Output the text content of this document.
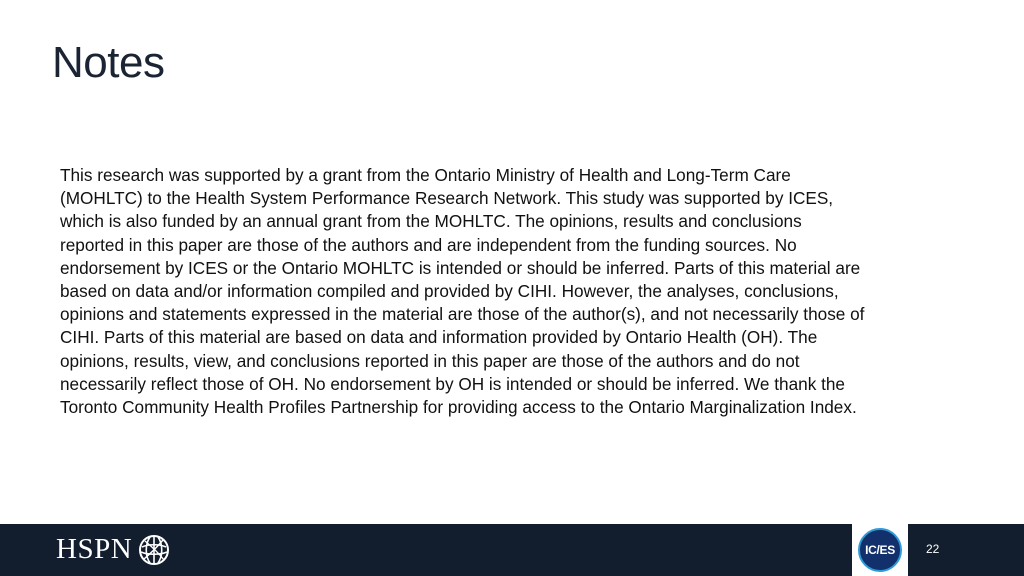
Notes
This research was supported by a grant from the Ontario Ministry of Health and Long-Term Care
(MOHLTC) to the Health System Performance Research Network. This study was supported by ICES,
which is also funded by an annual grant from the MOHLTC. The opinions, results and conclusions
reported in this paper are those of the authors and are independent from the funding sources. No
endorsement by ICES or the Ontario MOHLTC is intended or should be inferred. Parts of this material are
based on data and/or information compiled and provided by CIHI. However, the analyses, conclusions,
opinions and statements expressed in the material are those of the author(s), and not necessarily those of
CIHI. Parts of this material are based on data and information provided by Ontario Health (OH). The
opinions, results, view, and conclusions reported in this paper are those of the authors and do not
necessarily reflect those of OH. No endorsement by OH is intended or should be inferred. We thank the
Toronto Community Health Profiles Partnership for providing access to the Ontario Marginalization Index.
HSPN	IC/ES	22
